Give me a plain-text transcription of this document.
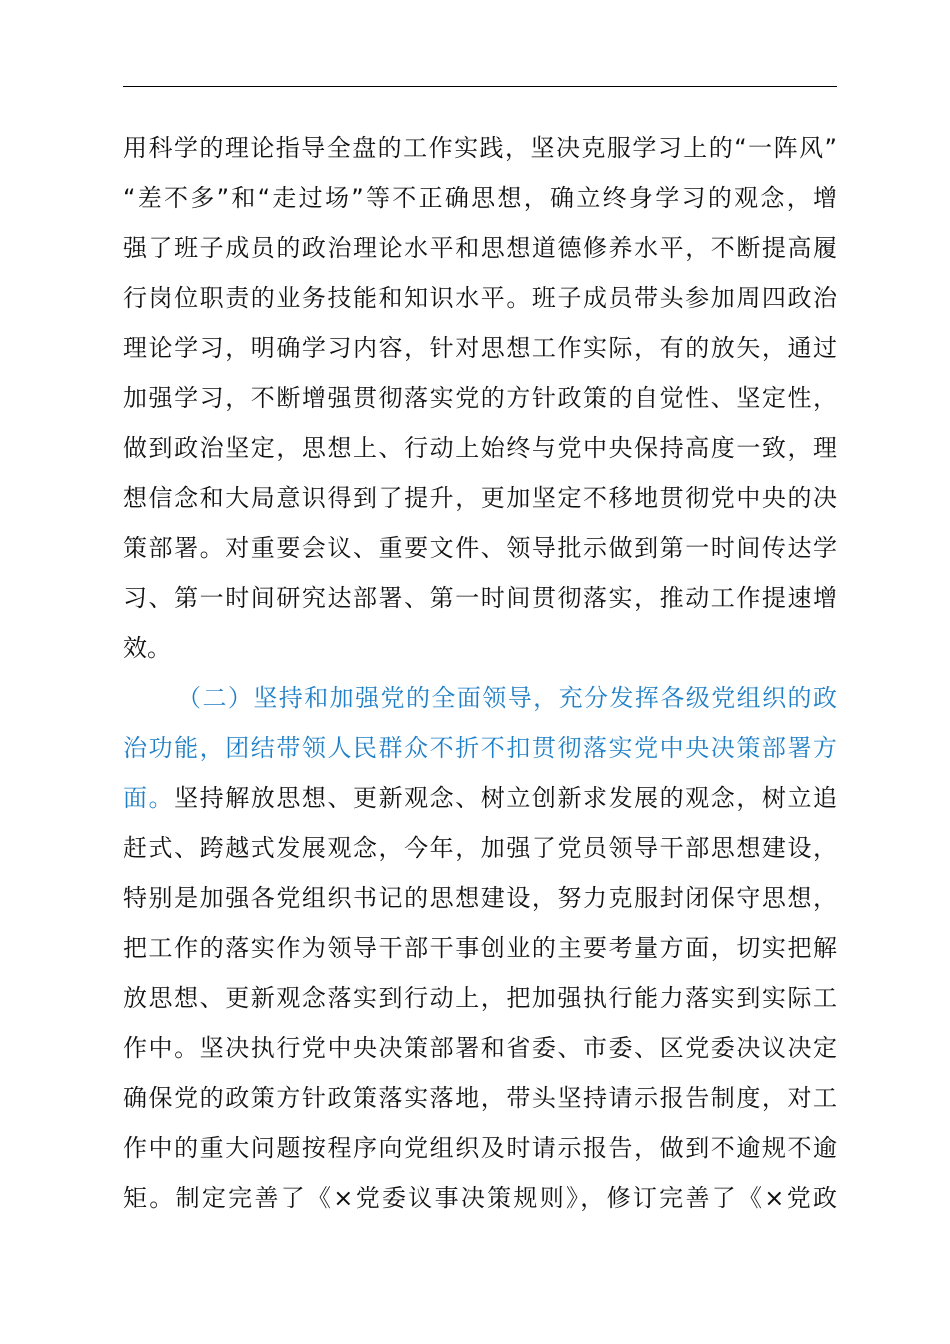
用科学的理论指导全盘的工作实践，坚决克服学习上的“一阵风”
“差不多”和“走过场”等不正确思想，确立终身学习的观念，增
强了班子成员的政治理论水平和思想道德修养水平，不断提高履
行岗位职责的业务技能和知识水平。班子成员带头参加周四政治
理论学习，明确学习内容，针对思想工作实际，有的放矢，通过
加强学习，不断增强贯彻落实党的方针政策的自觉性、坚定性，
做到政治坚定，思想上、行动上始终与党中央保持高度一致，理
想信念和大局意识得到了提升，更加坚定不移地贯彻党中央的决
策部署。对重要会议、重要文件、领导批示做到第一时间传达学
习、第一时间研究达部署、第一时间贯彻落实，推动工作提速增
效。
（二）坚持和加强党的全面领导，充分发挥各级党组织的政
治功能，团结带领人民群众不折不扣贯彻落实党中央决策部署方
面。坚持解放思想、更新观念、树立创新求发展的观念，树立追
赶式、跨越式发展观念，今年，加强了党员领导干部思想建设，
特别是加强各党组织书记的思想建设，努力克服封闭保守思想，
把工作的落实作为领导干部干事创业的主要考量方面，切实把解
放思想、更新观念落实到行动上，把加强执行能力落实到实际工
作中。坚决执行党中央决策部署和省委、市委、区党委决议决定
确保党的政策方针政策落实落地，带头坚持请示报告制度，对工
作中的重大问题按程序向党组织及时请示报告，做到不逾规不逾
矩。制定完善了《×党委议事决策规则》，修订完善了《×党政
